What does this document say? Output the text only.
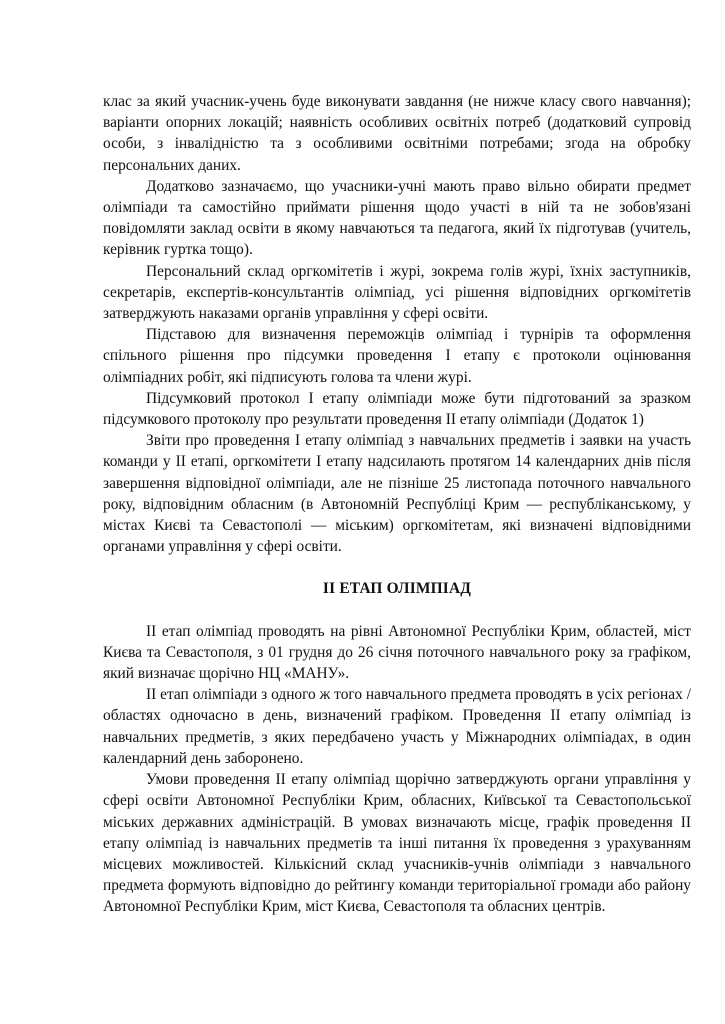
клас за який учасник-учень буде виконувати завдання (не нижче класу свого навчання); варіанти опорних локацій; наявність особливих освітніх потреб (додатковий супровід особи, з інвалідністю та з особливими освітніми потребами; згода на обробку персональних даних.

Додатково зазначаємо, що учасники-учні мають право вільно обирати предмет олімпіади та самостійно приймати рішення щодо участі в ній та не зобов'язані повідомляти заклад освіти в якому навчаються та педагога, який їх підготував (учитель, керівник гуртка тощо).

Персональний склад оргкомітетів і журі, зокрема голів журі, їхніх заступників, секретарів, експертів-консультантів олімпіад, усі рішення відповідних оргкомітетів затверджують наказами органів управління у сфері освіти.

Підставою для визначення переможців олімпіад і турнірів та оформлення спільного рішення про підсумки проведення І етапу є протоколи оцінювання олімпіадних робіт, які підписують голова та члени журі.

Підсумковий протокол І етапу олімпіади може бути підготований за зразком підсумкового протоколу про результати проведення ІІ етапу олімпіади (Додаток 1)

Звіти про проведення І етапу олімпіад з навчальних предметів і заявки на участь команди у ІІ етапі, оргкомітети І етапу надсилають протягом 14 календарних днів після завершення відповідної олімпіади, але не пізніше 25 листопада поточного навчального року, відповідним обласним (в Автономній Республіці Крим — республіканському, у містах Києві та Севастополі — міським) оргкомітетам, які визначені відповідними органами управління у сфері освіти.

ІІ ЕТАП ОЛІМПІАД

ІІ етап олімпіад проводять на рівні Автономної Республіки Крим, областей, міст Києва та Севастополя, з 01 грудня до 26 січня поточного навчального року за графіком, який визначає щорічно НЦ «МАНУ».

ІІ етап олімпіади з одного ж того навчального предмета проводять в усіх регіонах / областях одночасно в день, визначений графіком. Проведення ІІ етапу олімпіад із навчальних предметів, з яких передбачено участь у Міжнародних олімпіадах, в один календарний день заборонено.

Умови проведення ІІ етапу олімпіад щорічно затверджують органи управління у сфері освіти Автономної Республіки Крим, обласних, Київської та Севастопольської міських державних адміністрацій. В умовах визначають місце, графік проведення ІІ етапу олімпіад із навчальних предметів та інші питання їх проведення з урахуванням місцевих можливостей. Кількісний склад учасників-учнів олімпіади з навчального предмета формують відповідно до рейтингу команди територіальної громади або району Автономної Республіки Крим, міст Києва, Севастополя та обласних центрів.
